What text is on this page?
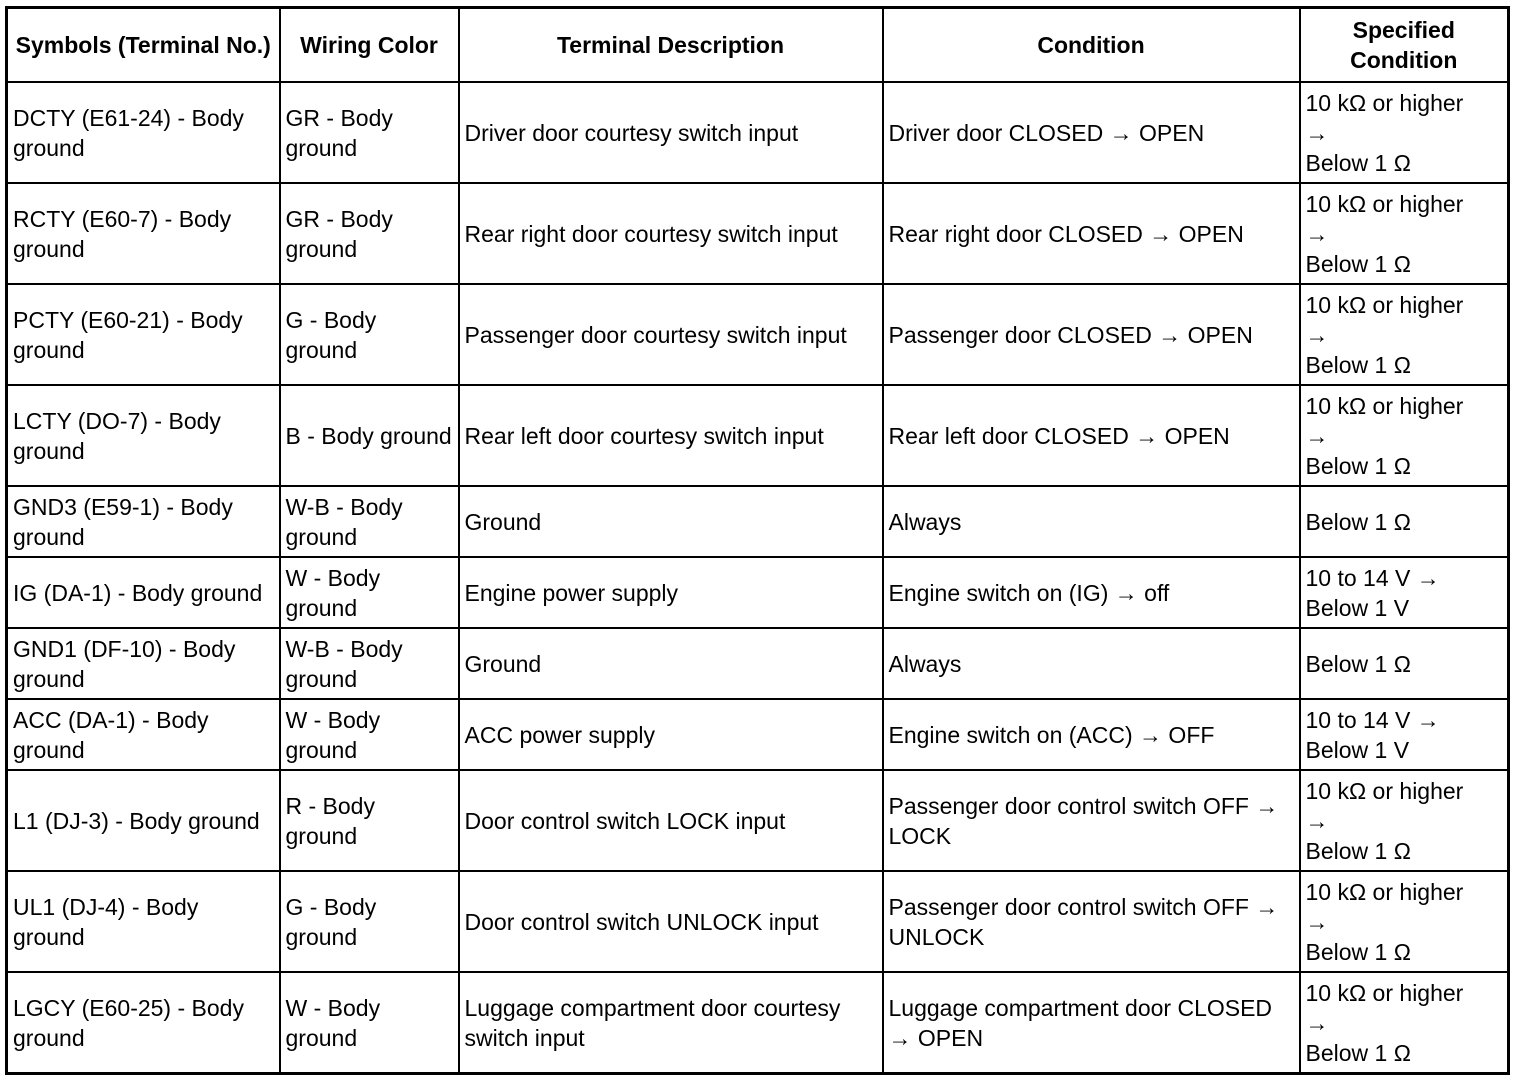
Symbols (Terminal No.)	Wiring Color	Terminal Description	Condition	Specified Condition
DCTY (E61-24) - Body ground	GR - Body ground	Driver door courtesy switch input	Driver door CLOSED → OPEN	10 kΩ or higher
→
Below 1 Ω

RCTY (E60-7) - Body ground	GR - Body ground	Rear right door courtesy switch input	Rear right door CLOSED → OPEN	10 kΩ or higher
→
Below 1 Ω

PCTY (E60-21) - Body ground	G - Body ground	Passenger door courtesy switch input	Passenger door CLOSED → OPEN	10 kΩ or higher
→
Below 1 Ω

LCTY (DO-7) - Body ground	B - Body ground	Rear left door courtesy switch input	Rear left door CLOSED → OPEN	10 kΩ or higher
→
Below 1 Ω

GND3 (E59-1) - Body ground	W-B - Body ground	Ground	Always	Below 1 Ω

IG (DA-1) - Body ground	W - Body ground	Engine power supply	Engine switch on (IG) → off	10 to 14 V →
Below 1 V

GND1 (DF-10) - Body ground	W-B - Body ground	Ground	Always	Below 1 Ω

ACC (DA-1) - Body ground	W - Body ground	ACC power supply	Engine switch on (ACC) → OFF	10 to 14 V →
Below 1 V

L1 (DJ-3) - Body ground	R - Body ground	Door control switch LOCK input	Passenger door control switch OFF → LOCK	10 kΩ or higher
→
Below 1 Ω

UL1 (DJ-4) - Body ground	G - Body ground	Door control switch UNLOCK input	Passenger door control switch OFF → UNLOCK	10 kΩ or higher
→
Below 1 Ω

LGCY (E60-25) - Body ground	W - Body ground	Luggage compartment door courtesy switch input	Luggage compartment door CLOSED → OPEN	10 kΩ or higher
→
Below 1 Ω
